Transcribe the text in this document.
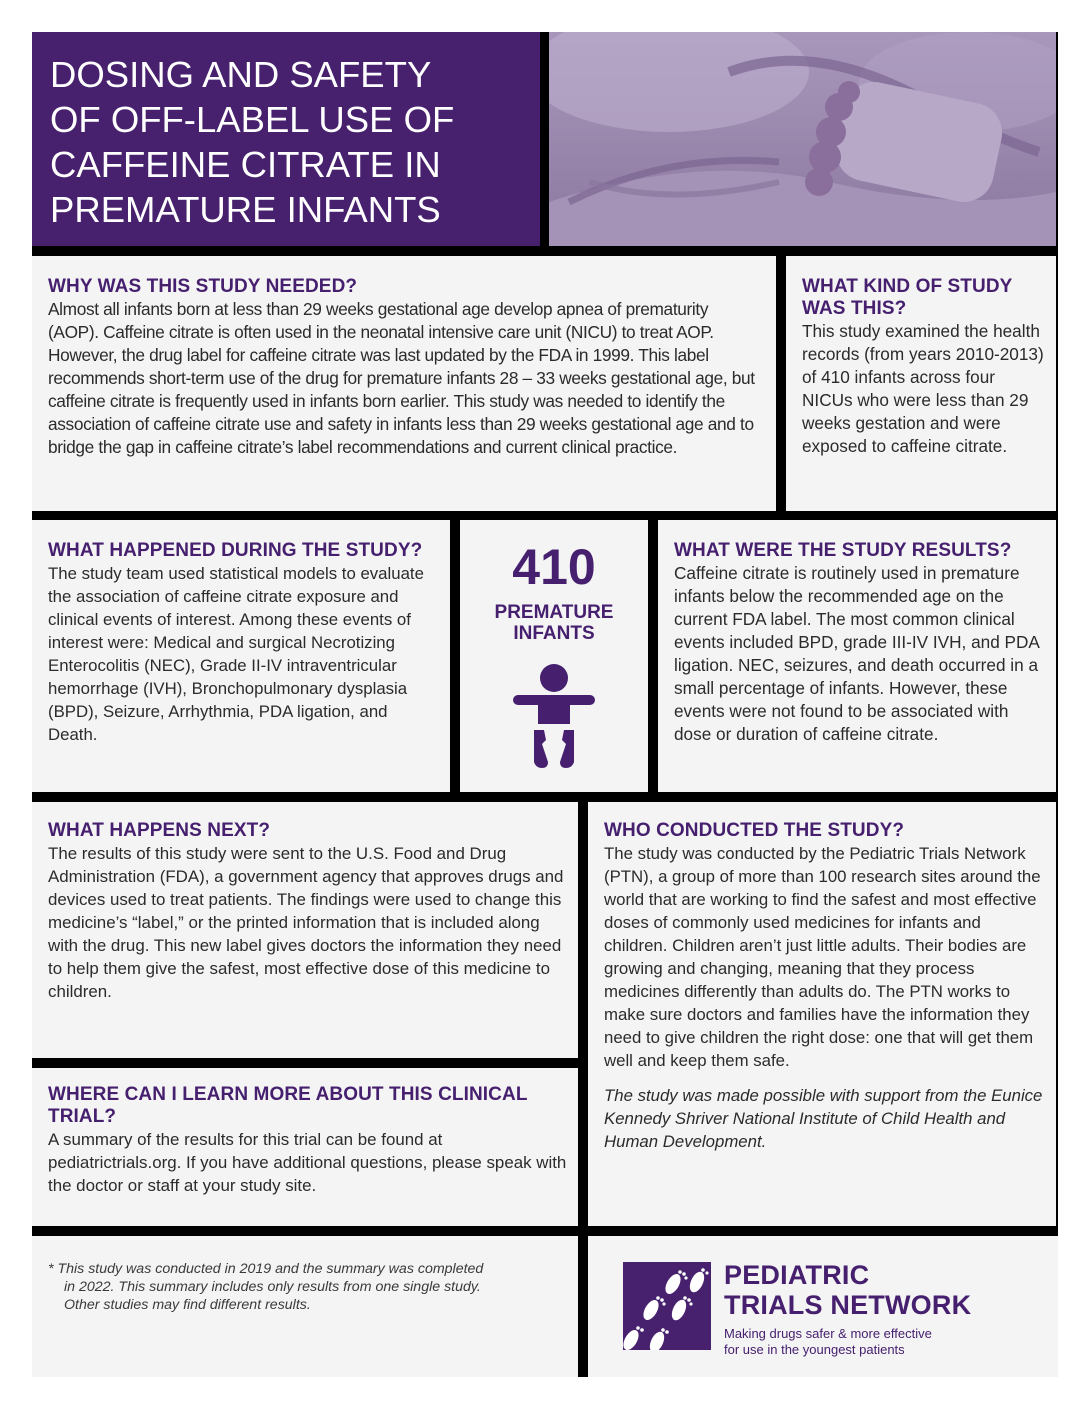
DOSING AND SAFETY
OF OFF-LABEL USE OF
CAFFEINE CITRATE IN
PREMATURE INFANTS
WHY WAS THIS STUDY NEEDED?

Almost all infants born at less than 29 weeks gestational age develop apnea of prematurity (AOP). Caffeine citrate is often used in the neonatal intensive care unit (NICU) to treat AOP. However, the drug label for caffeine citrate was last updated by the FDA in 1999. This label recommends short-term use of the drug for premature infants 28 – 33 weeks gestational age, but caffeine citrate is frequently used in infants born earlier. This study was needed to identify the association of caffeine citrate use and safety in infants less than 29 weeks gestational age and to bridge the gap in caffeine citrate’s label recommendations and current clinical practice.

WHAT KIND OF STUDY WAS THIS?

This study examined the health records (from years 2010-2013) of 410 infants across four NICUs who were less than 29 weeks gestation and were exposed to caffeine citrate.

WHAT HAPPENED DURING THE STUDY?

The study team used statistical models to evaluate the association of caffeine citrate exposure and clinical events of interest. Among these events of interest were: Medical and surgical Necrotizing Enterocolitis (NEC), Grade II-IV intraventricular hemorrhage (IVH), Bronchopulmonary dysplasia (BPD), Seizure, Arrhythmia, PDA ligation, and Death.

410
PREMATURE
INFANTS
WHAT WERE THE STUDY RESULTS?

Caffeine citrate is routinely used in premature infants below the recommended age on the current FDA label. The most common clinical events included BPD, grade III-IV IVH, and PDA ligation. NEC, seizures, and death occurred in a small percentage of infants. However, these events were not found to be associated with dose or duration of caffeine citrate.

WHAT HAPPENS NEXT?

The results of this study were sent to the U.S. Food and Drug Administration (FDA), a government agency that approves drugs and devices used to treat patients. The findings were used to change this medicine’s “label,” or the printed information that is included along with the drug. This new label gives doctors the information they need to help them give the safest, most effective dose of this medicine to children.

WHO CONDUCTED THE STUDY?

The study was conducted by the Pediatric Trials Network (PTN), a group of more than 100 research sites around the world that are working to find the safest and most effective doses of commonly used medicines for infants and children. Children aren’t just little adults. Their bodies are growing and changing, meaning that they process medicines differently than adults do. The PTN works to make sure doctors and families have the information they need to give children the right dose: one that will get them well and keep them safe.

The study was made possible with support from the Eunice Kennedy Shriver National Institute of Child Health and Human Development.

WHERE CAN I LEARN MORE ABOUT THIS CLINICAL TRIAL?

A summary of the results for this trial can be found at pediatrictrials.org. If you have additional questions, please speak with the doctor or staff at your study site.

* This study was conducted in 2019 and the summary was completed

in 2022. This summary includes only results from one single study.

Other studies may find different results.

PEDIATRIC

TRIALS NETWORK

Making drugs safer & more effective

for use in the youngest patients
